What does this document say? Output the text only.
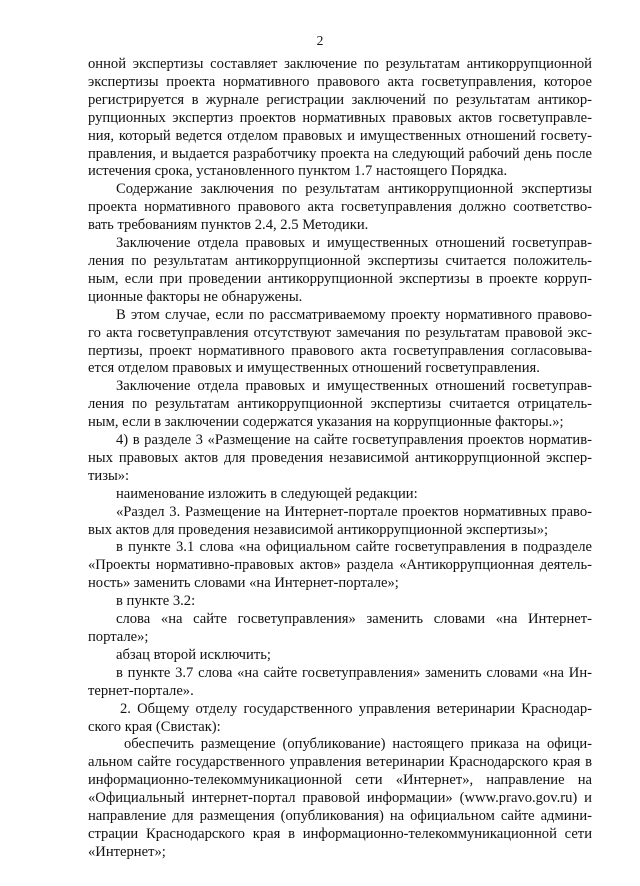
2
онной экспертизы составляет заключение по результатам антикоррупционной
экспертизы проекта нормативного правового акта госветуправления, которое
регистрируется в журнале регистрации заключений по результатам антикор-
рупционных экспертиз проектов нормативных правовых актов госветуправле-
ния, который ведется отделом правовых и имущественных отношений госвету-
правления, и выдается разработчику проекта на следующий рабочий день после
истечения срока, установленного пунктом 1.7 настоящего Порядка.
Содержание заключения по результатам антикоррупционной экспертизы
проекта нормативного правового акта госветуправления должно соответство-
вать требованиям пунктов 2.4, 2.5 Методики.
Заключение отдела правовых и имущественных отношений госветуправ-
ления по результатам антикоррупционной экспертизы считается положитель-
ным, если при проведении антикоррупционной экспертизы в проекте корруп-
ционные факторы не обнаружены.
В этом случае, если по рассматриваемому проекту нормативного правово-
го акта госветуправления отсутствуют замечания по результатам правовой экс-
пертизы, проект нормативного правового акта госветуправления согласовыва-
ется отделом правовых и имущественных отношений госветуправления.
Заключение отдела правовых и имущественных отношений госветуправ-
ления по результатам антикоррупционной экспертизы считается отрицатель-
ным, если в заключении содержатся указания на коррупционные факторы.»;
4) в разделе 3 «Размещение на сайте госветуправления проектов норматив-
ных правовых актов для проведения независимой антикоррупционной экспер-
тизы»:
наименование изложить в следующей редакции:
«Раздел 3. Размещение на Интернет-портале проектов нормативных право-
вых актов для проведения независимой антикоррупционной экспертизы»;
в пункте 3.1 слова «на официальном сайте госветуправления в подразделе
«Проекты нормативно-правовых актов» раздела «Антикоррупционная деятель-
ность» заменить словами «на Интернет-портале»;
в пункте 3.2:
слова «на сайте госветуправления» заменить словами «на Интернет-
портале»;
абзац второй исключить;
в пункте 3.7 слова «на сайте госветуправления» заменить словами «на Ин-
тернет-портале».
2. Общему отделу государственного управления ветеринарии Краснодар-
ского края (Свистак):
обеспечить размещение (опубликование) настоящего приказа на офици-
альном сайте государственного управления ветеринарии Краснодарского края в
информационно-телекоммуникационной сети «Интернет», направление на
«Официальный интернет-портал правовой информации» (www.pravo.gov.ru) и
направление для размещения (опубликования) на официальном сайте админи-
страции Краснодарского края в информационно-телекоммуникационной сети
«Интернет»;
